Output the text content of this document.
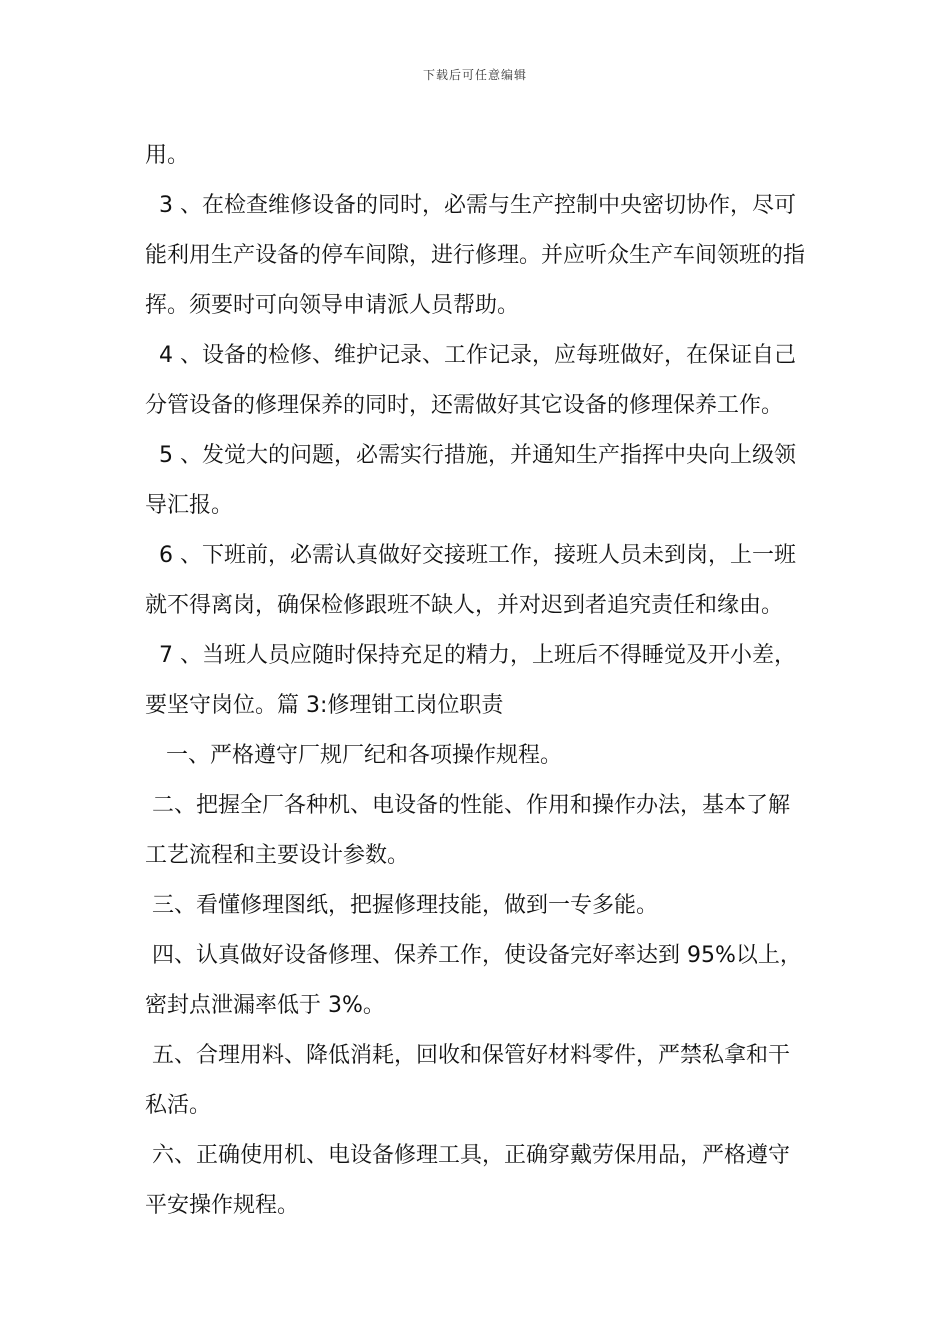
下载后可任意编辑

用。

3 、在检查维修设备的同时，必需与生产控制中央密切协作，尽可能利用生产设备的停车间隙，进行修理。并应听众生产车间领班的指挥。须要时可向领导申请派人员帮助。

4 、设备的检修、维护记录、工作记录，应每班做好，在保证自己分管设备的修理保养的同时，还需做好其它设备的修理保养工作。

5 、发觉大的问题，必需实行措施，并通知生产指挥中央向上级领导汇报。

6 、下班前，必需认真做好交接班工作，接班人员未到岗，上一班就不得离岗，确保检修跟班不缺人，并对迟到者追究责任和缘由。

7 、当班人员应随时保持充足的精力，上班后不得睡觉及开小差，要坚守岗位。篇 3:修理钳工岗位职责

一、严格遵守厂规厂纪和各项操作规程。

二、把握全厂各种机、电设备的性能、作用和操作办法，基本了解工艺流程和主要设计参数。

三、看懂修理图纸，把握修理技能，做到一专多能。

四、认真做好设备修理、保养工作，使设备完好率达到 95%以上，密封点泄漏率低于 3%。

五、合理用料、降低消耗，回收和保管好材料零件，严禁私拿和干私活。

六、正确使用机、电设备修理工具，正确穿戴劳保用品，严格遵守平安操作规程。
